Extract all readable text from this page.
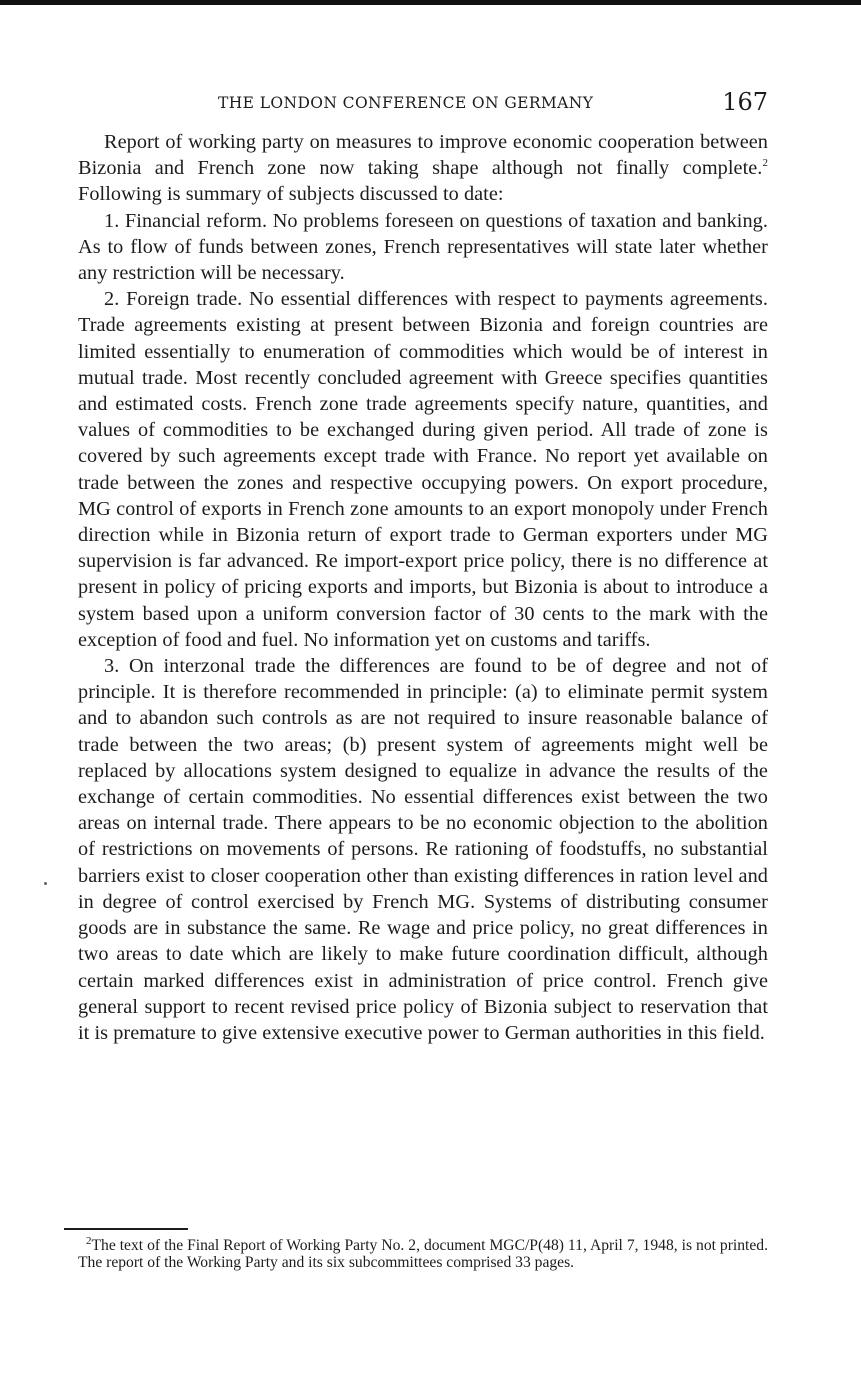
THE LONDON CONFERENCE ON GERMANY	167

Report of working party on measures to improve economic cooperation between Bizonia and French zone now taking shape although not finally complete.$^2$ Following is summary of subjects discussed to date:

1. Financial reform. No problems foreseen on questions of taxation and banking. As to flow of funds between zones, French representatives will state later whether any restriction will be necessary.

2. Foreign trade. No essential differences with respect to payments agreements. Trade agreements existing at present between Bizonia and foreign countries are limited essentially to enumeration of commodities which would be of interest in mutual trade. Most recently concluded agreement with Greece specifies quantities and estimated costs. French zone trade agreements specify nature, quantities, and values of commodities to be exchanged during given period. All trade of zone is covered by such agreements except trade with France. No report yet available on trade between the zones and respective occupying powers. On export procedure, MG control of exports in French zone amounts to an export monopoly under French direction while in Bizonia return of export trade to German exporters under MG supervision is far advanced. Re import-export price policy, there is no difference at present in policy of pricing exports and imports, but Bizonia is about to introduce a system based upon a uniform conversion factor of 30 cents to the mark with the exception of food and fuel. No information yet on customs and tariffs.

3. On interzonal trade the differences are found to be of degree and not of principle. It is therefore recommended in principle: (a) to eliminate permit system and to abandon such controls as are not required to insure reasonable balance of trade between the two areas; (b) present system of agreements might well be replaced by allocations system designed to equalize in advance the results of the exchange of certain commodities. No essential differences exist between the two areas on internal trade. There appears to be no economic objection to the abolition of restrictions on movements of persons. Re rationing of foodstuffs, no substantial barriers exist to closer cooperation other than existing differences in ration level and in degree of control exercised by French MG. Systems of distributing consumer goods are in substance the same. Re wage and price policy, no great differences in two areas to date which are likely to make future coordination difficult, although certain marked differences exist in administration of price control. French give general support to recent revised price policy of Bizonia subject to reservation that it is premature to give extensive executive power to German authorities in this field.

$^2$The text of the Final Report of Working Party No. 2, document MGC/P(48) 11, April 7, 1948, is not printed. The report of the Working Party and its six subcommittees comprised 33 pages.
